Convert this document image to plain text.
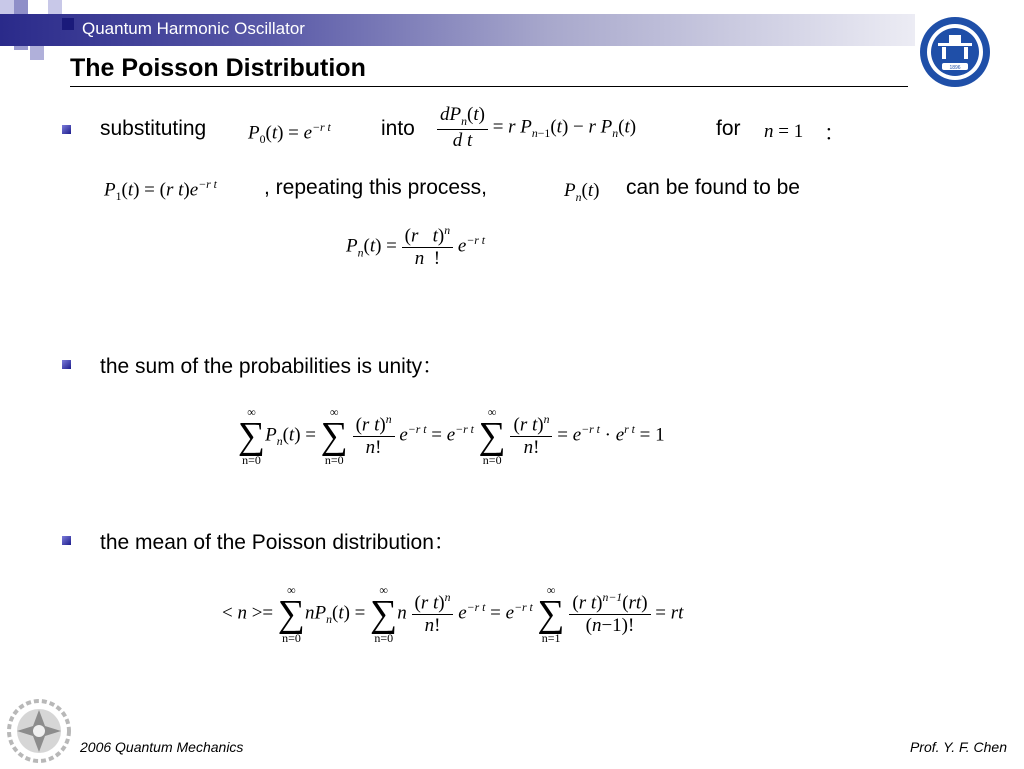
Quantum Harmonic Oscillator
1896
The Poisson Distribution
substituting $P_0(t) = e^{-r t}$ into $\frac{dP_n(t)}{\text{d t}} = r$ $P_{n-1}(t) - r$ $P_n(t)$	for n = 1 ：
$P_1(t) = (r$ $t)e^{-r t}$ , repeating this process,	$P_n(t)$ can be found to be
$P_n(t) = \frac{(r t)^n}{n !} e^{-r t}$
the sum of the probabilities is unity：
∞
∑
n=0
$P_n(t)$ =
∞
∑
n=0

$\frac{(r t)^n}{n!} e^{-r t} = e^{-r t}$
∞
∑
n=0

$\frac{(r t)^n}{n!} = e^{-r t} \cdot e^{r t} = 1$
the mean of the Poisson distribution：
< n >=
∞
∑
n=0
$nP_n(t)$ =
∞
∑
n=0
n $\frac{(r t)^n}{n!} e^{-r t} = e^{-r t}$
∞
∑
n=1

$\frac{(r t)^{n-1}(rt)}{(n-1)!}$ = rt
2006 Quantum Mechanics	Prof. Y. F. Chen
